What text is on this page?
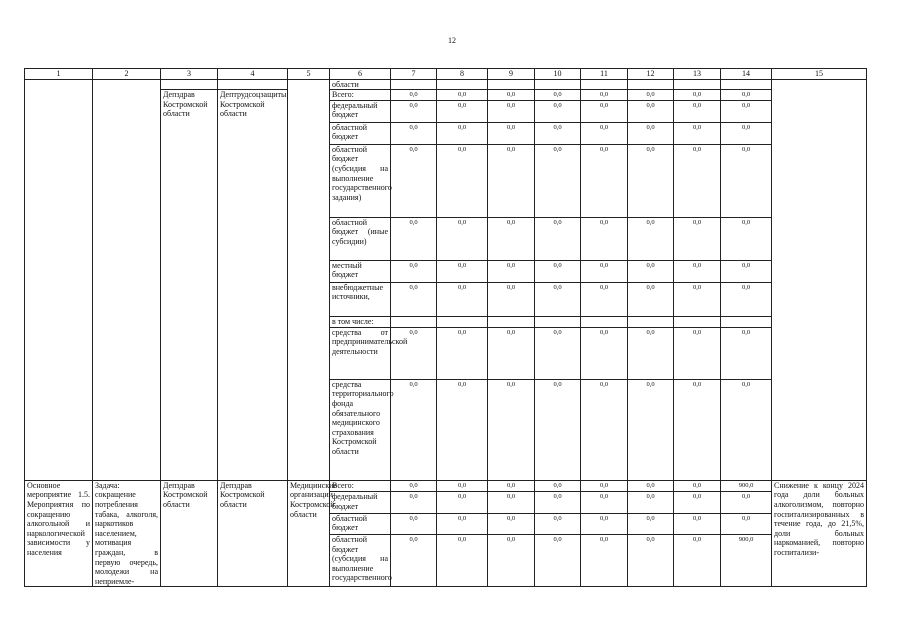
12
1	2	3	4	5	6	7	8	9	10	11	12	13	14	15
					области									
		Депздрав Костромской области	Дептрудсоцзащиты Костромской области		Всего:	0,0	0,0	0,0	0,0	0,0	0,0	0,0	0,0	
					федеральный бюджет	0,0	0,0	0,0	0,0	0,0	0,0	0,0	0,0	
					областной бюджет	0,0	0,0	0,0	0,0	0,0	0,0	0,0	0,0	
					областной бюджет (субсидия на выполнение государственного задания)	0,0	0,0	0,0	0,0	0,0	0,0	0,0	0,0	
					областной бюджет (иные субсидии)	0,0	0,0	0,0	0,0	0,0	0,0	0,0	0,0	
					местный бюджет	0,0	0,0	0,0	0,0	0,0	0,0	0,0	0,0	
					внебюджетные источники,	0,0	0,0	0,0	0,0	0,0	0,0	0,0	0,0	
					в том числе:									
					средства от предпринимательской деятельности	0,0	0,0	0,0	0,0	0,0	0,0	0,0	0,0	
					средства территориального фонда обязательного медицинского страхования Костромской области	0,0	0,0	0,0	0,0	0,0	0,0	0,0	0,0	
Основное мероприятие 1.5. Мероприятия по сокращению алкогольной и наркологической зависимости у населения	Задача: сокращение потребления табака, алкоголя, наркотиков населением, мотивация граждан, в первую очередь, молодежи на неприемле-	Депздрав Костромской области	Депздрав Костромской области	Медицинские организации Костромской области	Всего:	0,0	0,0	0,0	0,0	0,0	0,0	0,0	900,0	Снижение к концу 2024 года доли больных алкоголизмом, повторно госпитализированных в течение года, до 21,5%, доли больных наркоманией, повторно госпитализи-
					федеральный бюджет	0,0	0,0	0,0	0,0	0,0	0,0	0,0	0,0	
					областной бюджет	0,0	0,0	0,0	0,0	0,0	0,0	0,0	0,0	
					областной бюджет (субсидия на выполнение государственного	0,0	0,0	0,0	0,0	0,0	0,0	0,0	900,0	
